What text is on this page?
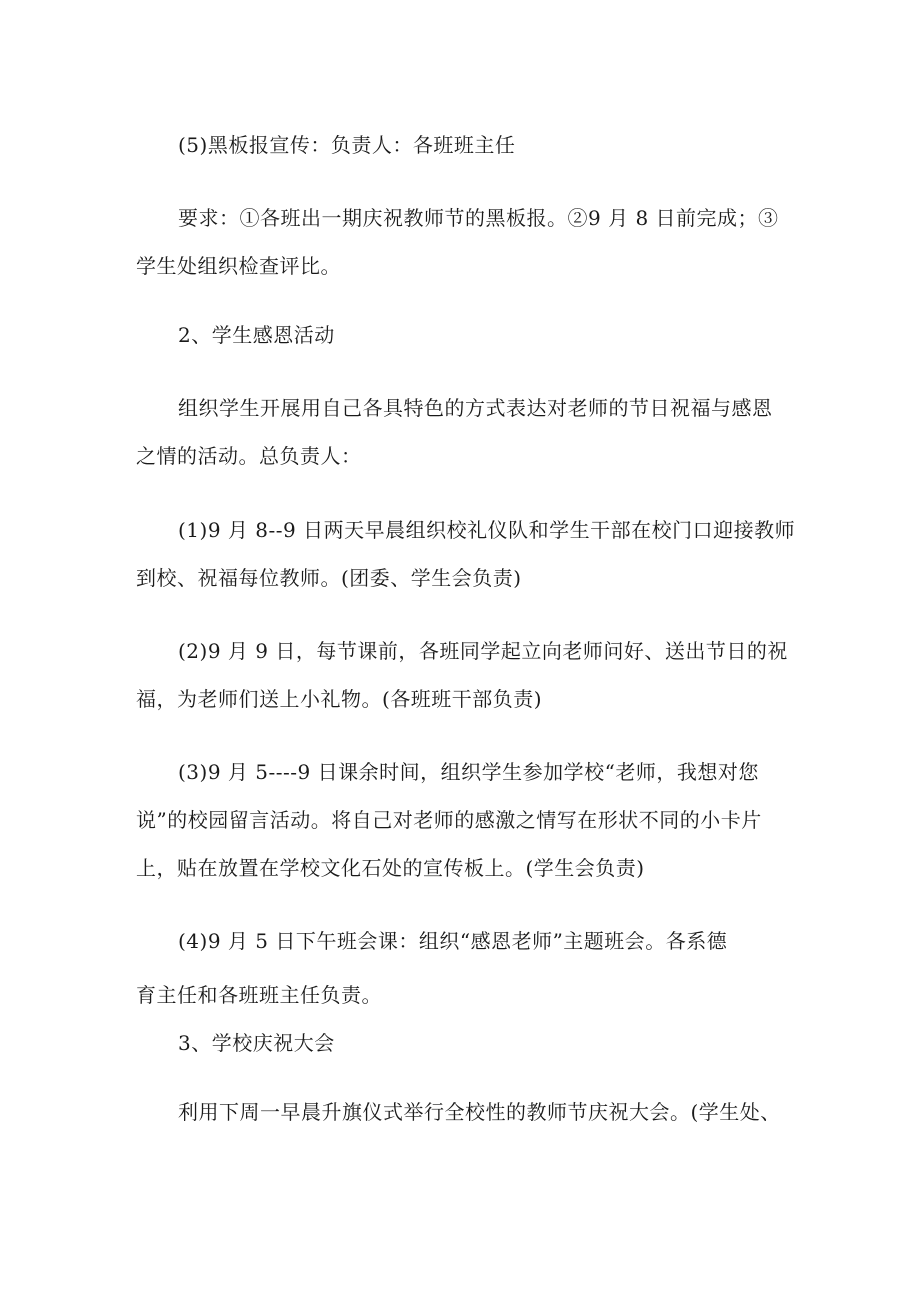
(5)黑板报宣传：负责人：各班班主任
要求：①各班出一期庆祝教师节的黑板报。②9 月 8 日前完成；③
学生处组织检查评比。
2、学生感恩活动
组织学生开展用自己各具特色的方式表达对老师的节日祝福与感恩
之情的活动。总负责人：
(1)9 月 8--9 日两天早晨组织校礼仪队和学生干部在校门口迎接教师
到校、祝福每位教师。(团委、学生会负责)
(2)9 月 9 日，每节课前，各班同学起立向老师问好、送出节日的祝
福，为老师们送上小礼物。(各班班干部负责)
(3)9 月 5----9 日课余时间，组织学生参加学校“老师，我想对您
说”的校园留言活动。将自己对老师的感激之情写在形状不同的小卡片
上，贴在放置在学校文化石处的宣传板上。(学生会负责)
(4)9 月 5 日下午班会课：组织“感恩老师”主题班会。各系德
育主任和各班班主任负责。
3、学校庆祝大会
利用下周一早晨升旗仪式举行全校性的教师节庆祝大会。(学生处、
